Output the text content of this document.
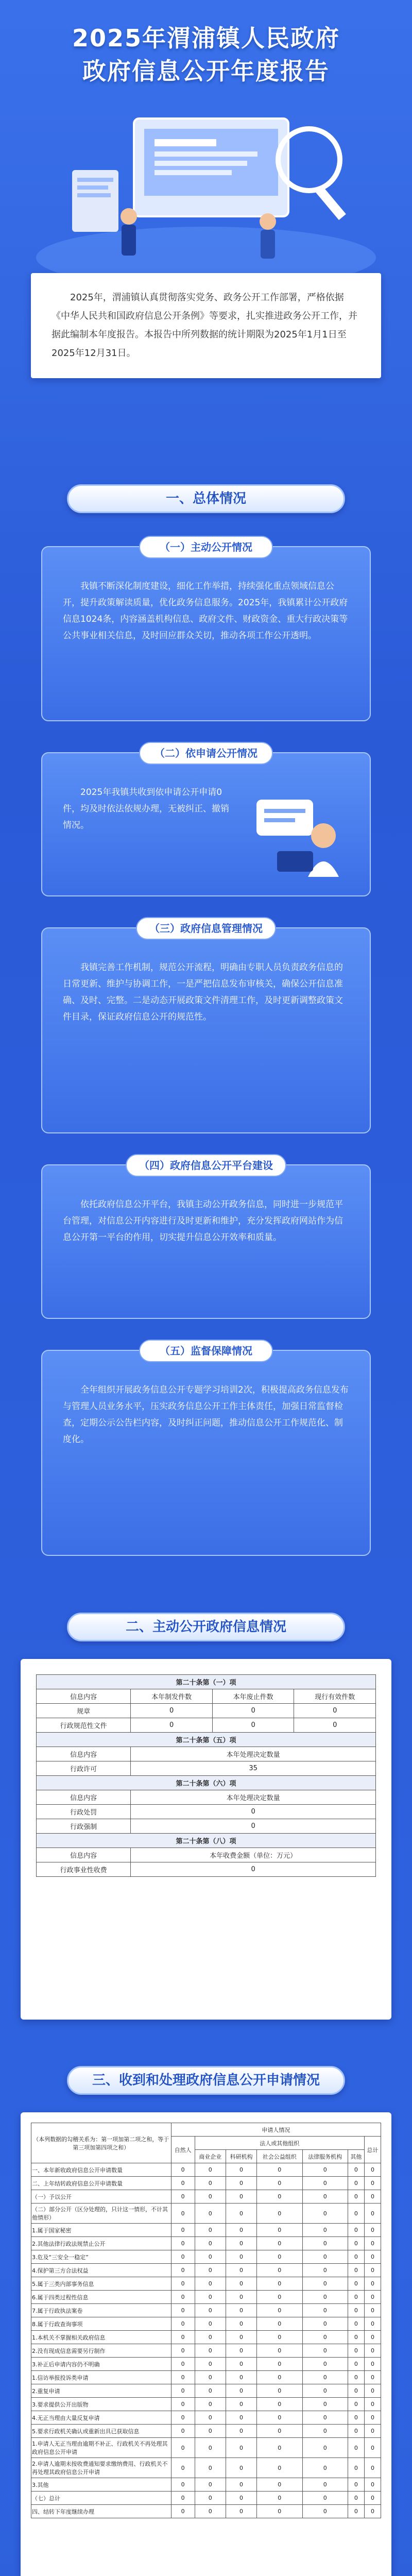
2025年渭浦镇人民政府
政府信息公开年度报告

2025年，渭浦镇认真贯彻落实党务、政务公开工作部署，严格依据《中华人民共和国政府信息公开条例》等要求，扎实推进政务公开工作，并据此编制本年度报告。本报告中所列数据的统计期限为2025年1月1日至2025年12月31日。

一、总体情况
（一）主动公开情况

我镇不断深化制度建设，细化工作举措，持续强化重点领域信息公开，提升政策解读质量，优化政务信息服务。2025年，我镇累计公开政府信息1024条，内容涵盖机构信息、政府文件、财政资金、重大行政决策等公共事业相关信息，及时回应群众关切，推动各项工作公开透明。

（二）依申请公开情况

2025年我镇共收到依申请公开申请0件，均及时依法依规办理，无被纠正、撤销情况。

（三）政府信息管理情况

我镇完善工作机制，规范公开流程，明确由专职人员负责政务信息的日常更新、维护与协调工作，一是严把信息发布审核关，确保公开信息准确、及时、完整。二是动态开展政策文件清理工作，及时更新调整政策文件目录，保证政府信息公开的规范性。

（四）政府信息公开平台建设

依托政府信息公开平台，我镇主动公开政务信息，同时进一步规范平台管理，对信息公开内容进行及时更新和维护，充分发挥政府网站作为信息公开第一平台的作用，切实提升信息公开效率和质量。

（五）监督保障情况

全年组织开展政务信息公开专题学习培训2次，积极提高政务信息发布与管理人员业务水平，压实政务信息公开工作主体责任，加强日常监督检查，定期公示公告栏内容，及时纠正问题，推动信息公开工作规范化、制度化。

二、主动公开政府信息情况
第二十条第（一）项			
信息内容	本年制发件数	本年废止件数	现行有效件数
规章	0	0	0
行政规范性文件	0	0	0
第二十条第（五）项			
信息内容	本年处理决定数量		
行政许可	35		
第二十条第（六）项			
信息内容	本年处理决定数量		
行政处罚	0		
行政强制	0		
第二十条第（八）项			
信息内容	本年收费金额（单位：万元）		
行政事业性收费	0		
三、收到和处理政府信息公开申请情况
（本列数据的勾稽关系为：第一项加第二项之和，等于第三项加第四项之和）	申请人情况						
	自然人	法人或其他组织					总计
		商业企业	科研机构	社会公益组织	法律服务机构	其他	
一、本年新收政府信息公开申请数量	0	0	0	0	0	0	0
二、上年结转政府信息公开申请数量	0	0	0	0	0	0	0
（一）予以公开	0	0	0	0	0	0	0
（二）部分公开（区分处理的，只计这一情形，不计其他情形）	0	0	0	0	0	0	0
1.属于国家秘密	0	0	0	0	0	0	0
2.其他法律行政法规禁止公开	0	0	0	0	0	0	0
3.危及“三安全一稳定”	0	0	0	0	0	0	0
4.保护第三方合法权益	0	0	0	0	0	0	0
5.属于三类内部事务信息	0	0	0	0	0	0	0
6.属于四类过程性信息	0	0	0	0	0	0	0
7.属于行政执法案卷	0	0	0	0	0	0	0
8.属于行政查询事项	0	0	0	0	0	0	0
1.本机关不掌握相关政府信息	0	0	0	0	0	0	0
2.没有现成信息需要另行制作	0	0	0	0	0	0	0
3.补正后申请内容仍不明确	0	0	0	0	0	0	0
1.信访举报投诉类申请	0	0	0	0	0	0	0
2.重复申请	0	0	0	0	0	0	0
3.要求提供公开出版物	0	0	0	0	0	0	0
4.无正当理由大量反复申请	0	0	0	0	0	0	0
5.要求行政机关确认或重新出具已获取信息	0	0	0	0	0	0	0
1.申请人无正当理由逾期不补正、行政机关不再处理其政府信息公开申请	0	0	0	0	0	0	0
2.申请人逾期未按收费通知要求缴纳费用、行政机关不再处理其政府信息公开申请	0	0	0	0	0	0	0
3.其他	0	0	0	0	0	0	0
（七）总计	0	0	0	0	0	0	0
四、结转下年度继续办理	0	0	0	0	0	0	0
